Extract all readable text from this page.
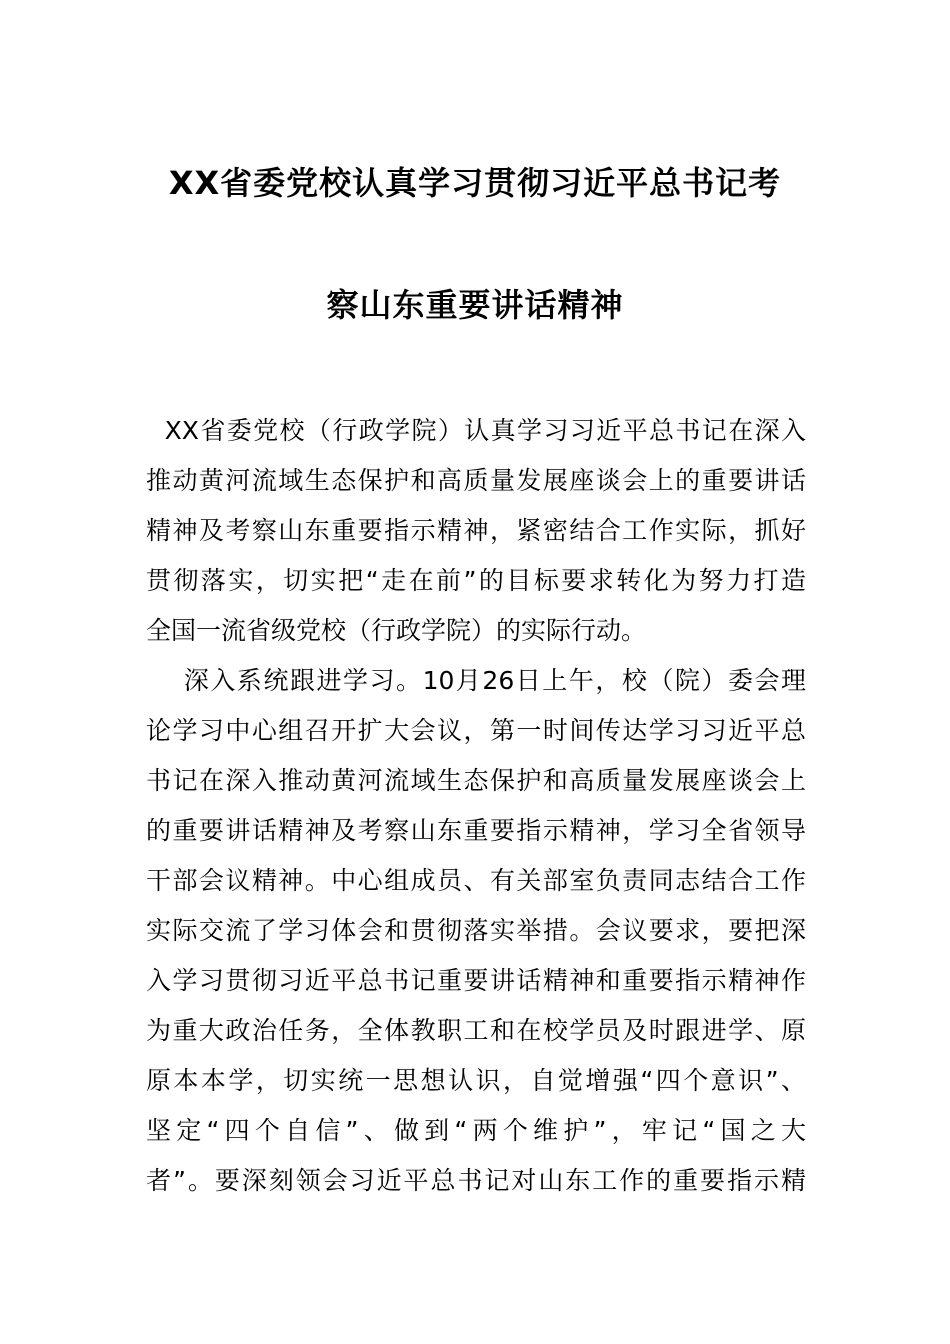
XX省委党校认真学习贯彻习近平总书记考
察山东重要讲话精神
XX省委党校（行政学院）认真学习习近平总书记在深入
推动黄河流域生态保护和高质量发展座谈会上的重要讲话
精神及考察山东重要指示精神，紧密结合工作实际，抓好
贯彻落实，切实把“走在前”的目标要求转化为努力打造
全国一流省级党校（行政学院）的实际行动。
深入系统跟进学习。10月26日上午，校（院）委会理
论学习中心组召开扩大会议，第一时间传达学习习近平总
书记在深入推动黄河流域生态保护和高质量发展座谈会上
的重要讲话精神及考察山东重要指示精神，学习全省领导
干部会议精神。中心组成员、有关部室负责同志结合工作
实际交流了学习体会和贯彻落实举措。会议要求，要把深
入学习贯彻习近平总书记重要讲话精神和重要指示精神作
为重大政治任务，全体教职工和在校学员及时跟进学、原
原本本学，切实统一思想认识，自觉增强“四个意识”、
坚定“四个自信”、做到“两个维护”，牢记“国之大
者”。要深刻领会习近平总书记对山东工作的重要指示精
